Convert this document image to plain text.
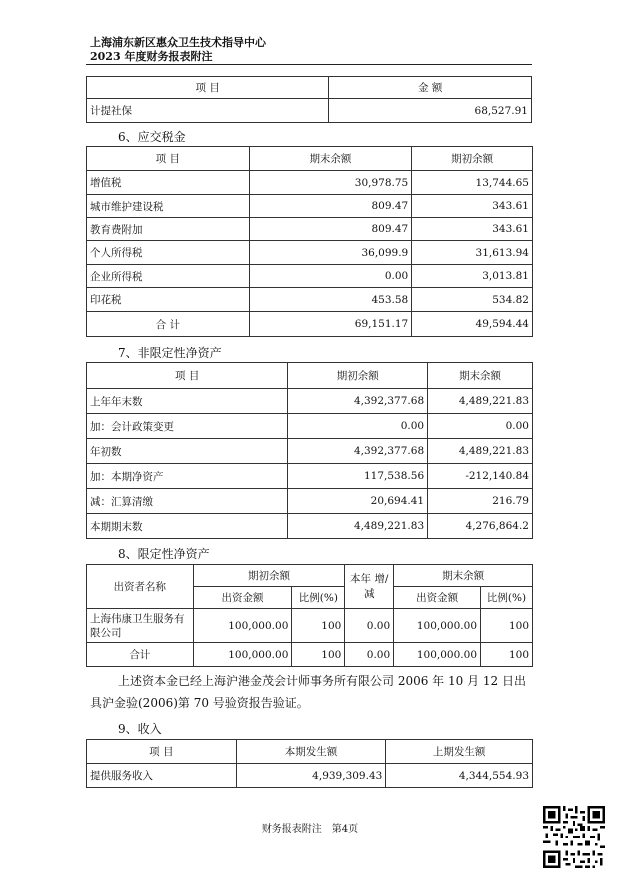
上海浦东新区惠众卫生技术指导中心
2023 年度财务报表附注
项 目	金 额
计提社保	68,527.91
6、应交税金
项 目	期末余额	期初余额
增值税	30,978.75	13,744.65
城市维护建设税	809.47	343.61
教育费附加	809.47	343.61
个人所得税	36,099.9	31,613.94
企业所得税	0.00	3,013.81
印花税	453.58	534.82
合 计	69,151.17	49,594.44
7、非限定性净资产
项 目	期初余额	期末余额
上年年末数	4,392,377.68	4,489,221.83
加：会计政策变更	0.00	0.00
年初数	4,392,377.68	4,489,221.83
加：本期净资产	117,538.56	-212,140.84
减：汇算清缴	20,694.41	216.79
本期期末数	4,489,221.83	4,276,864.2
8、限定性净资产
出资者名称	期初余额		本年 增/减	期末余额	
	出资金额	比例(%)		出资金额	比例(%)
上海伟康卫生服务有限公司	100,000.00	100	0.00	100,000.00	100
合计	100,000.00	100	0.00	100,000.00	100
上述资本金已经上海沪港金茂会计师事务所有限公司 2006 年 10 月 12 日出
具沪金验(2006)第 70 号验资报告验证。
9、收入
项 目	本期发生额	上期发生额
提供服务收入	4,939,309.43	4,344,554.93
财务报表附注　第4页
